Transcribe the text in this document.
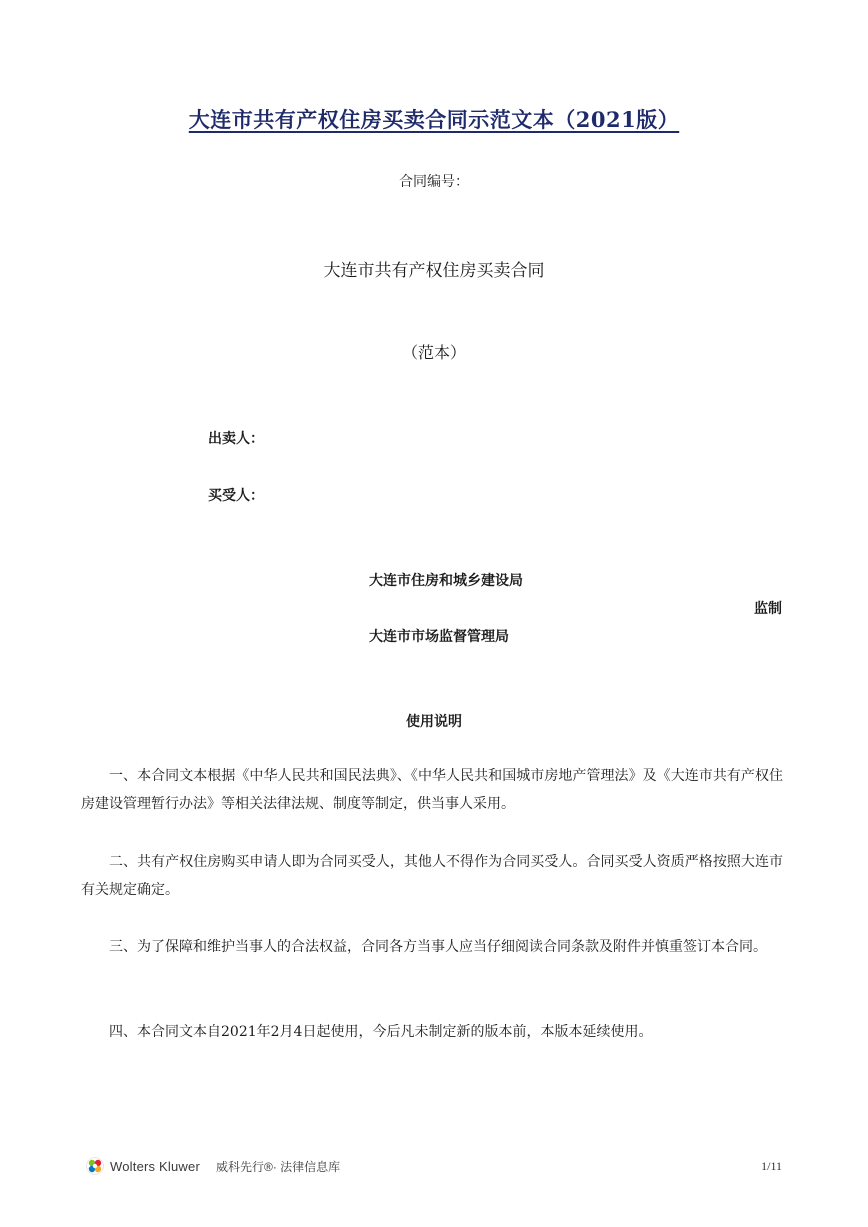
大连市共有产权住房买卖合同示范文本（2021版）
合同编号：
大连市共有产权住房买卖合同
（范本）
出卖人：
买受人：
大连市住房和城乡建设局
监制
大连市市场监督管理局
使用说明
一、本合同文本根据《中华人民共和国民法典》、《中华人民共和国城市房地产管理法》及《大连市共有产权住房建设管理暂行办法》等相关法律法规、制度等制定，供当事人采用。
二、共有产权住房购买申请人即为合同买受人，其他人不得作为合同买受人。合同买受人资质严格按照大连市有关规定确定。
三、为了保障和维护当事人的合法权益，合同各方当事人应当仔细阅读合同条款及附件并慎重签订本合同。
四、本合同文本自2021年2月4日起使用，今后凡未制定新的版本前，本版本延续使用。
Wolters Kluwer 威科先行®· 法律信息库	1/11
